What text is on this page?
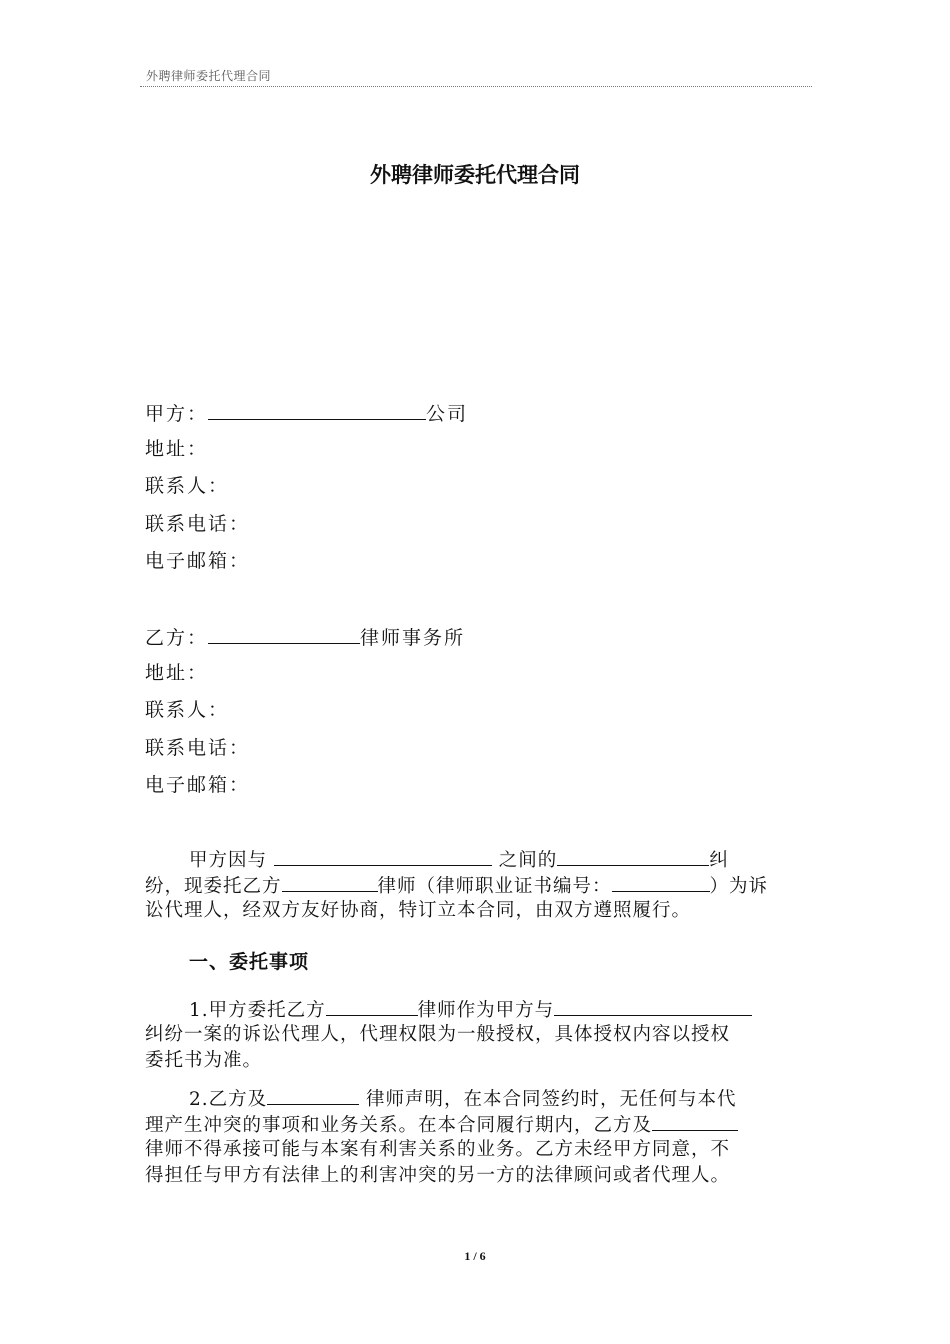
外聘律师委托代理合同
外聘律师委托代理合同
甲方：	公司
地址：
联系人：
联系电话：
电子邮箱：
乙方：	律师事务所
地址：
联系人：
联系电话：
电子邮箱：
甲方因与	之间的	纠
纷，现委托乙方	律师（律师职业证书编号：	）为诉
讼代理人，经双方友好协商，特订立本合同，由双方遵照履行。
一、委托事项
1.甲方委托乙方	律师作为甲方与
纠纷一案的诉讼代理人，代理权限为一般授权，具体授权内容以授权
委托书为准。
2.乙方及	律师声明，在本合同签约时，无任何与本代
理产生冲突的事项和业务关系。在本合同履行期内，乙方及
律师不得承接可能与本案有利害关系的业务。乙方未经甲方同意，不
得担任与甲方有法律上的利害冲突的另一方的法律顾问或者代理人。
1 / 6
